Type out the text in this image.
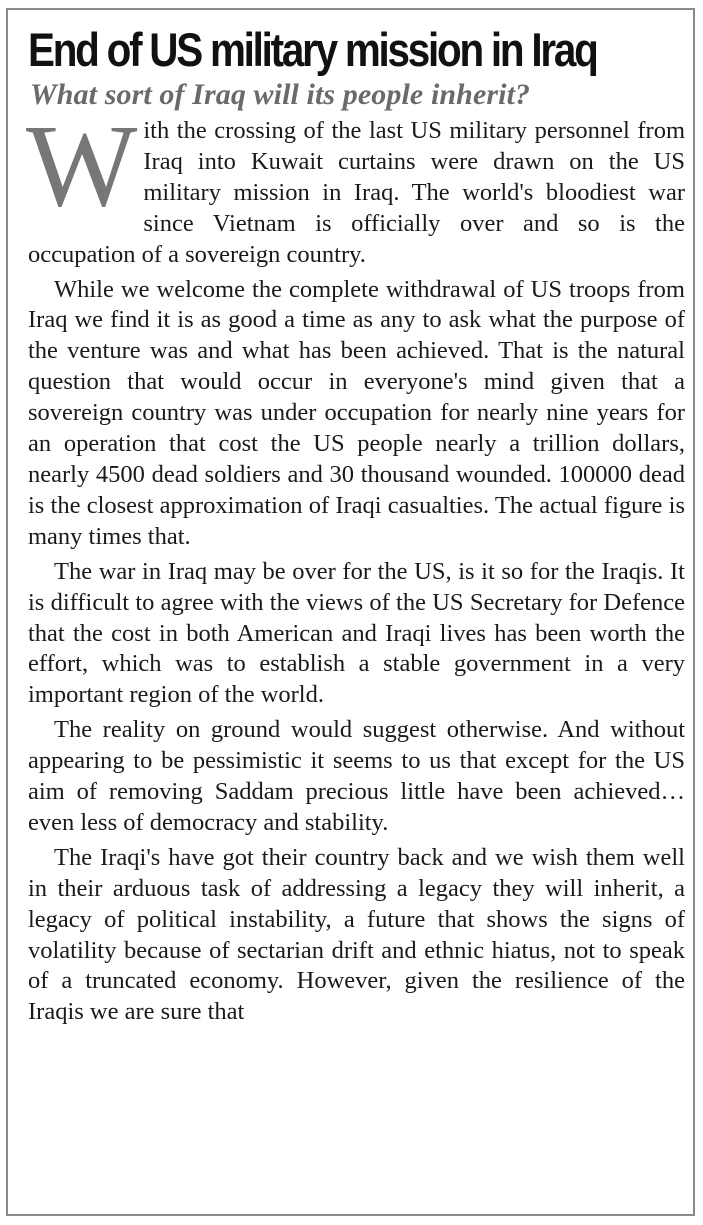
End of US military mission in Iraq
What sort of Iraq will its people inherit?

With the crossing of the last US military personnel from Iraq into Kuwait curtains were drawn on the US military mission in Iraq. The world's bloodiest war since Vietnam is officially over and so is the occupation of a sovereign country.

While we welcome the complete withdrawal of US troops from Iraq we find it is as good a time as any to ask what the purpose of the venture was and what has been achieved. That is the natural question that would occur in everyone's mind given that a sovereign country was under occupation for nearly nine years for an operation that cost the US people nearly a trillion dollars, nearly 4500 dead soldiers and 30 thousand wounded. 100000 dead is the closest approximation of Iraqi casualties. The actual figure is many times that.

The war in Iraq may be over for the US, is it so for the Iraqis. It is difficult to agree with the views of the US Secretary for Defence that the cost in both American and Iraqi lives has been worth the effort, which was to establish a stable government in a very important region of the world.

The reality on ground would suggest otherwise. And without appearing to be pessimistic it seems to us that except for the US aim of removing Saddam precious little have been achieved… even less of democracy and stability.

The Iraqi's have got their country back and we wish them well in their arduous task of addressing a legacy they will inherit, a legacy of political instability, a future that shows the signs of volatility because of sectarian drift and ethnic hiatus, not to speak of a truncated economy. However, given the resilience of the Iraqis we are sure that
